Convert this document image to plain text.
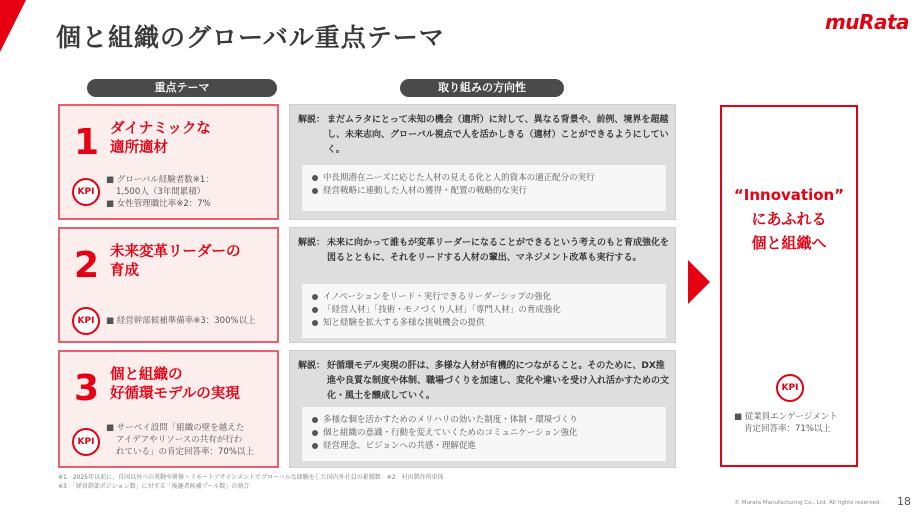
個と組織のグローバル重点テーマ
muRata
重点テーマ	取り組みの方向性
1 ダイナミックな
適所適材
KPI
■ グローバル経験者数※1：
1,500人（3年間累積）
■ 女性管理職比率※2：7%
2 未来変革リーダーの
育成
KPI	■ 経営幹部候補準備率※3：300%以上
3 個と組織の
好循環モデルの実現
KPI
■ サーベイ設問「組織の壁を越えた
アイデアやリソースの共有が行わ
れている」の肯定回答率：70%以上
解説： まだムラタにとって未知の機会（適所）に対して、異なる背景や、前例、境界を超越し、未来志向、グローバル視点で人を活かしきる（適材）ことができるようにしていく。
中長期潜在ニーズに応じた人材の見える化と人的資本の適正配分の実行
経営戦略に連動した人材の獲得・配置の戦略的な実行
解説： 未来に向かって誰もが変革リーダーになることができるという考えのもと育成強化を図るとともに、それをリードする人材の輩出、マネジメント改革も実行する。
イノベーションをリード・実行できるリーダーシップの強化
「経営人材」「技術・モノづくり人材」「専門人材」の育成強化
知と経験を拡大する多様な挑戦機会の提供
解説： 好循環モデル実現の肝は、多様な人材が有機的につながること。そのために、DX推進や良質な制度や体制、職場づくりを加速し、変化や違いを受け入れ活かすための文化・風土を醸成していく。
多様な個を活かすためのメリハリの効いた制度・体制・環境づくり
個と組織の意識・行動を変えていくためのコミュニケーション強化
経営理念、ビジョンへの共感・理解促進
“Innovation”
にあふれる
個と組織へ
KPI
■ 従業員エンゲージメント
肯定回答率：71%以上
※1　2025年以前に、自国以外への異動や研修・リモートアサインメントでグローバルな経験をした国内外社員の累積数　※2　村田製作所単体
※3　「経営幹部ポジション数」に対する「後継者候補プール数」の割合
© Murata Manufacturing Co., Ltd. All rights reserved. 18
